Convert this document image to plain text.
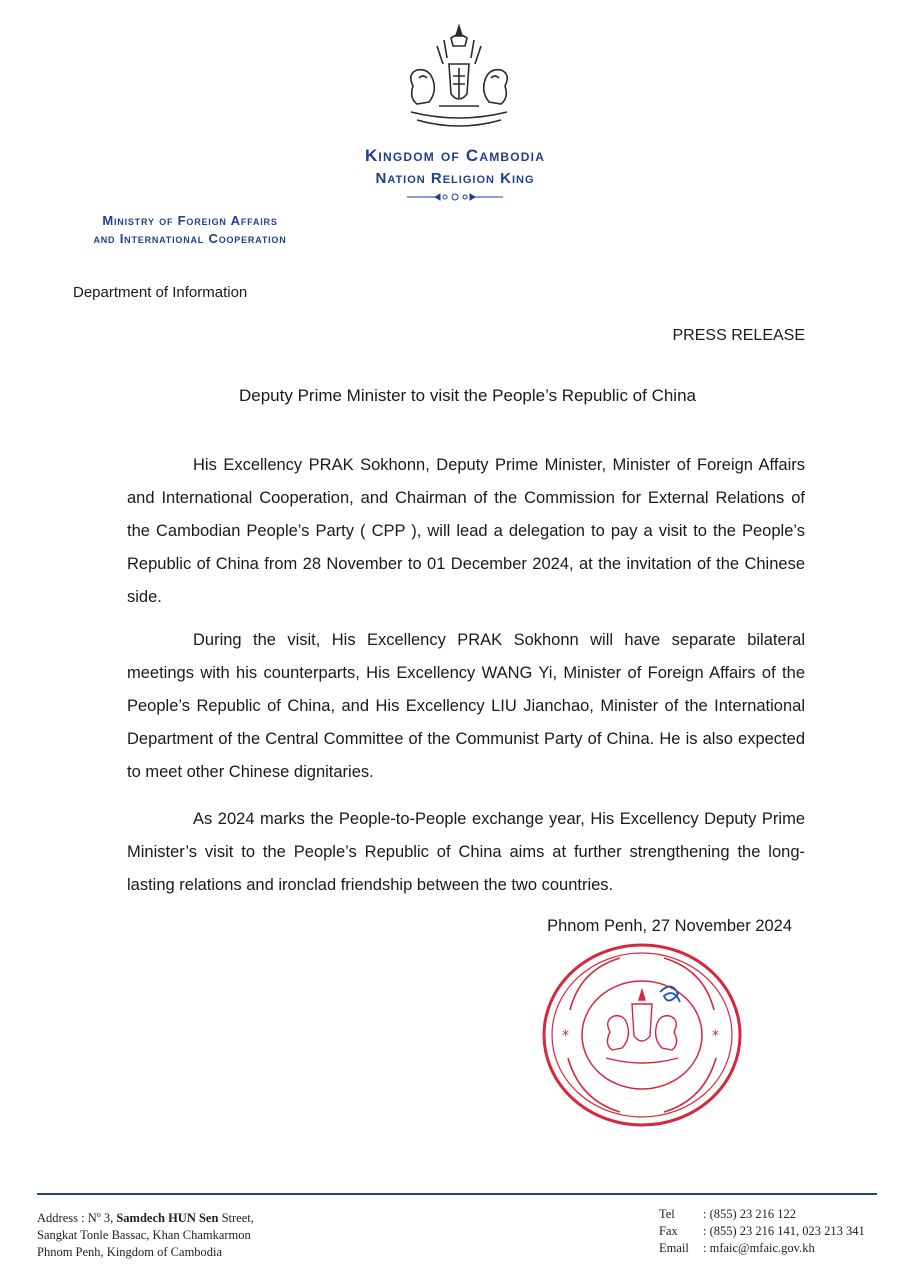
Kingdom of Cambodia
Nation Religion King
Ministry of Foreign Affairs
and International Cooperation
Department of Information
PRESS RELEASE
Deputy Prime Minister to visit the People’s Republic of China

His Excellency PRAK Sokhonn, Deputy Prime Minister, Minister of Foreign Affairs and International Cooperation, and Chairman of the Commission for External Relations of the Cambodian People’s Party ( CPP ), will lead a delegation to pay a visit to the People’s Republic of China from 28 November to 01 December 2024, at the invitation of the Chinese side.

During the visit, His Excellency PRAK Sokhonn will have separate bilateral meetings with his counterparts, His Excellency WANG Yi, Minister of Foreign Affairs of the People’s Republic of China, and His Excellency LIU Jianchao, Minister of the International Department of the Central Committee of the Communist Party of China. He is also expected to meet other Chinese dignitaries.

As 2024 marks the People-to-People exchange year, His Excellency Deputy Prime Minister’s visit to the People’s Republic of China aims at further strengthening the long-lasting relations and ironclad friendship between the two countries.

Phnom Penh, 27 November 2024
*	*
Address : $N^o$ 3, Samdech HUN Sen Street,
Sangkat Tonle Bassac, Khan Chamkarmon
Phnom Penh, Kingdom of Cambodia
Tel : (855) 23 216 122
Fax : (855) 23 216 141, 023 213 341
Email : mfaic@mfaic.gov.kh
